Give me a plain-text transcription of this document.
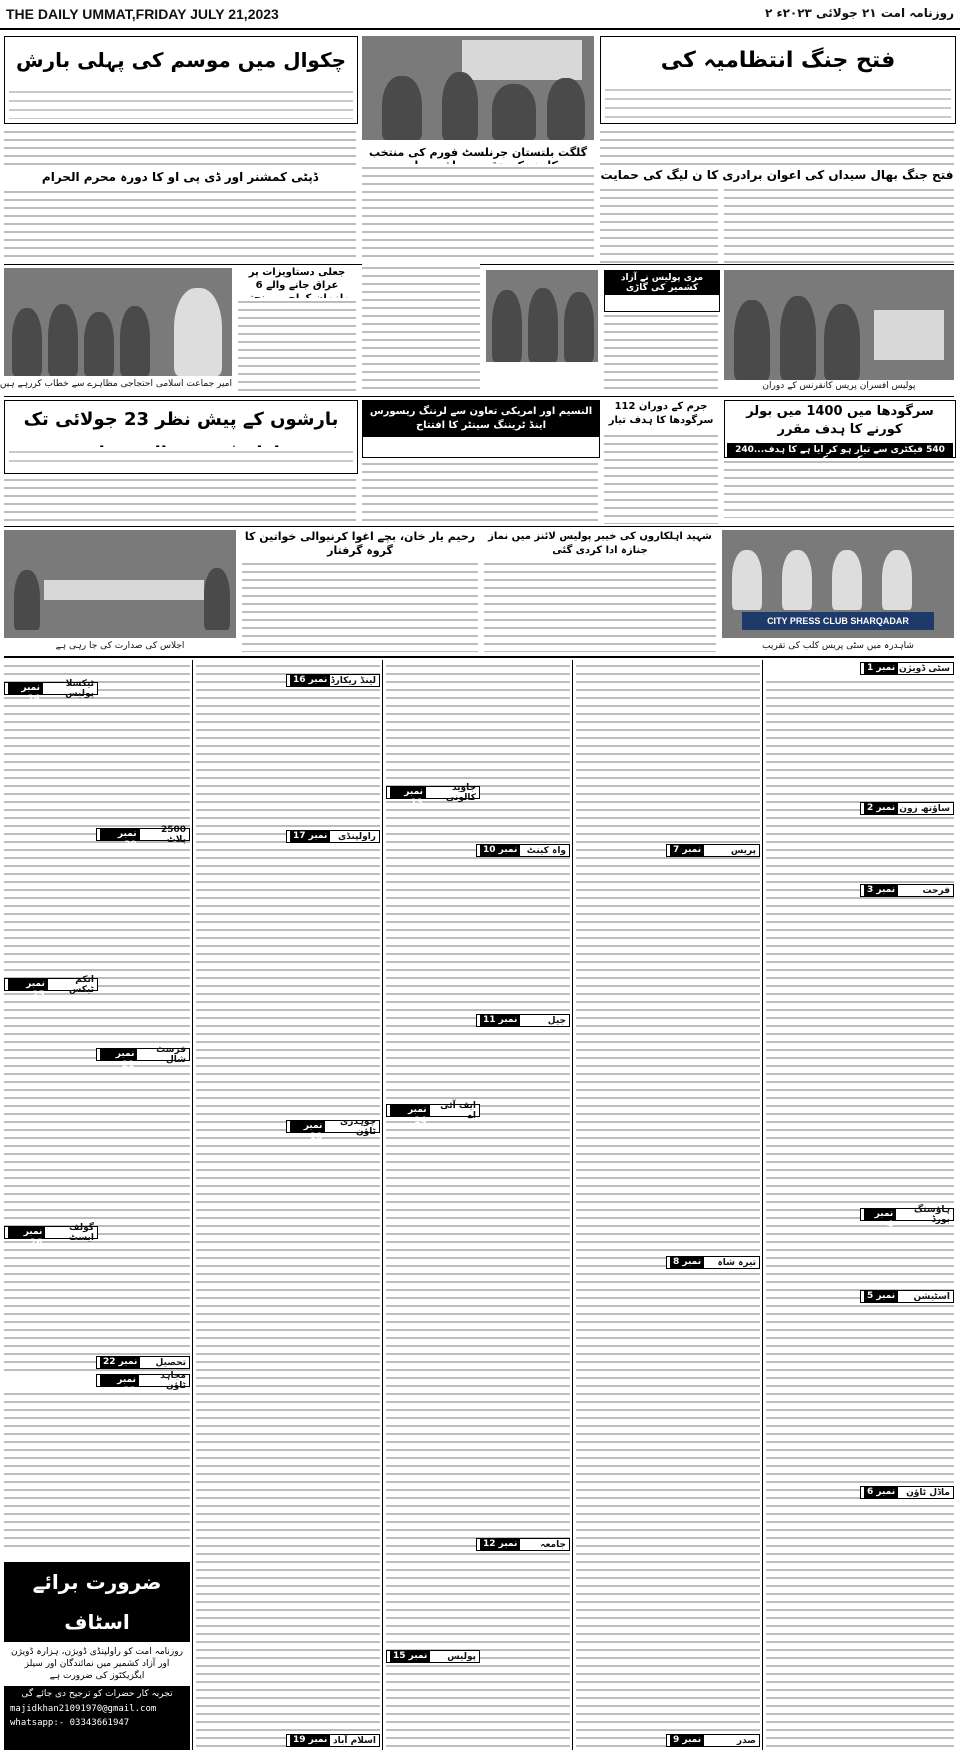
THE DAILY UMMAT,FRIDAY JULY 21,2023	روزنامہ امت ۲۱ جولائی ۲۰۲۳ء ۲
فتح جنگ انتظامیہ کی
چکوال میں موسم کی پہلی بارش
فتح جنگ بھال سیداں کی اعوان برادری کا ن لیگ کی حمایت
گلگت بلتستان جرنلسٹ فورم کی منتخب
ڈپٹی کمشنر اور ڈی پی او کا دورہ محرم الحرام
پولیس افسران پریس کانفرنس کے دوران
مری پولیس نے آزاد کشمیر کی گاڑی
جعلی دستاویزات پر عراق جانے والے 6
امیر جماعت اسلامی احتجاجی مظاہرے سے خطاب کررہے ہیں
بارشوں کے پیش نظر 23 جولائی تک	النسیم اور امریکی تعاون سے لرننگ ریسورس اینڈ ٹریننگ سینٹر کا افتتاح
جرم کے دوران 112 سرگودھا کا ہدف تیار
سرگودھا میں 1400 میں بولر کورنے کا ہدف مقرر
540 فیکٹری سے تیار ہو کر ایا ہے کا ہدف...240
اجلاس کی صدارت کی جا رہی ہے
رحیم یار خان، بچے اغوا کرنیوالی خواتین کا گروہ گرفتار
شہید اہلکاروں کی خیبر پولیس لائنز میں نماز جنازہ ادا کردی گئی
CITY PRESS CLUB SHARQADAR
شاہدرہ میں سٹی پریس کلب کی تقریب
سٹی ڈویژن
نمبر 1
ساؤتھ زون
نمبر 2
فرحت
نمبر 3
ہاؤسنگ بورڈ
نمبر 4
اسٹیشن
نمبر 5
ماڈل ٹاؤن
نمبر 6
پریس
نمبر 7
تیرہ شاہ
نمبر 8
صدر
نمبر 9
واہ کینٹ
نمبر 10
جیل
نمبر 11
جامعہ
نمبر 12
جاوید کالونی
نمبر 13
ایف آئی اے
نمبر 14
پولیس
نمبر 15
لینڈ ریکارڈ
نمبر 16
راولپنڈی
نمبر 17
چوہدری ٹاؤن
نمبر 18
اسلام آباد
نمبر 19
ٹیکسلا پولیس
نمبر 24
انکم ٹیکس
نمبر 25
گولف ایسٹ
نمبر 26
2500 پلاٹ
نمبر 20
فرسٹ شال
نمبر 21
تحصیل
نمبر 22
مجاہد ٹاؤن
نمبر
ضرورت برائے اسٹاف
روزنامہ امت کو راولپنڈی ڈویژن، ہزارہ ڈویژن اور آزاد کشمیر میں نمائندگان اور سیلز ایگزیکٹوز کی ضرورت ہے
تجربہ کار حضرات کو ترجیح دی جائے گی
majidkhan21091970@gmail.com
whatsapp:- 03343661947
